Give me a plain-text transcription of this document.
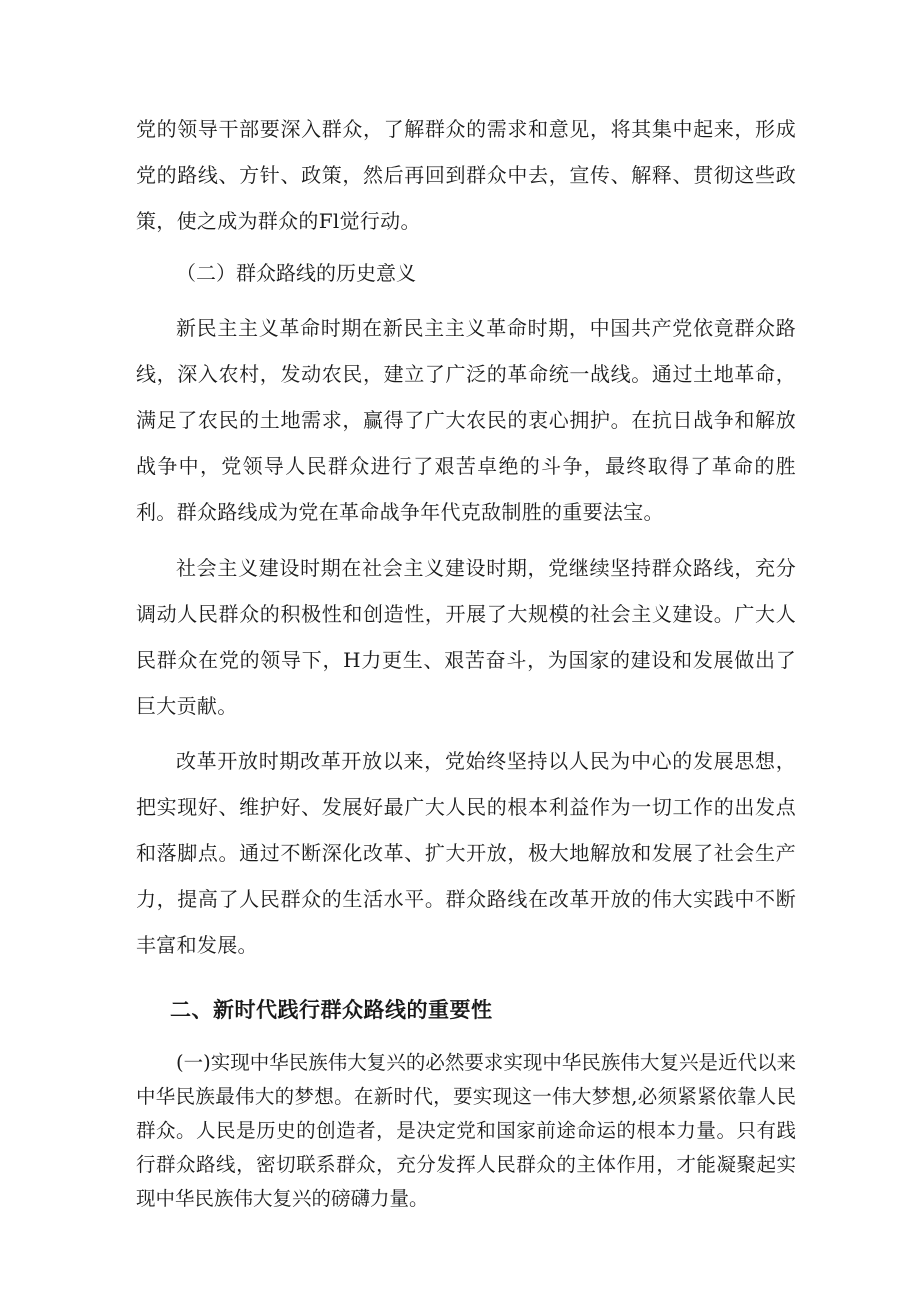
党的领导干部要深入群众，了解群众的需求和意见，将其集中起来，形成党的路线、方针、政策，然后再回到群众中去，宣传、解释、贯彻这些政策，使之成为群众的Fl觉行动。

（二）群众路线的历史意义

新民主主义革命时期在新民主主义革命时期，中国共产党依竟群众路线，深入农村，发动农民，建立了广泛的革命统一战线。通过土地革命，满足了农民的土地需求，赢得了广大农民的衷心拥护。在抗日战争和解放战争中，党领导人民群众进行了艰苦卓绝的斗争，最终取得了革命的胜利。群众路线成为党在革命战争年代克敌制胜的重要法宝。

社会主义建设时期在社会主义建设时期，党继续坚持群众路线，充分调动人民群众的积极性和创造性，开展了大规模的社会主义建设。广大人民群众在党的领导下，H力更生、艰苦奋斗，为国家的建设和发展做出了巨大贡献。

改革开放时期改革开放以来，党始终坚持以人民为中心的发展思想，把实现好、维护好、发展好最广大人民的根本利益作为一切工作的出发点和落脚点。通过不断深化改革、扩大开放，极大地解放和发展了社会生产力，提高了人民群众的生活水平。群众路线在改革开放的伟大实践中不断丰富和发展。

二、新时代践行群众路线的重要性

(一)实现中华民族伟大复兴的必然要求实现中华民族伟大复兴是近代以来中华民族最伟大的梦想。在新时代，要实现这一伟大梦想,必须紧紧依靠人民群众。人民是历史的创造者，是决定党和国家前途命运的根本力量。只有践行群众路线，密切联系群众，充分发挥人民群众的主体作用，才能凝聚起实现中华民族伟大复兴的磅礴力量。
